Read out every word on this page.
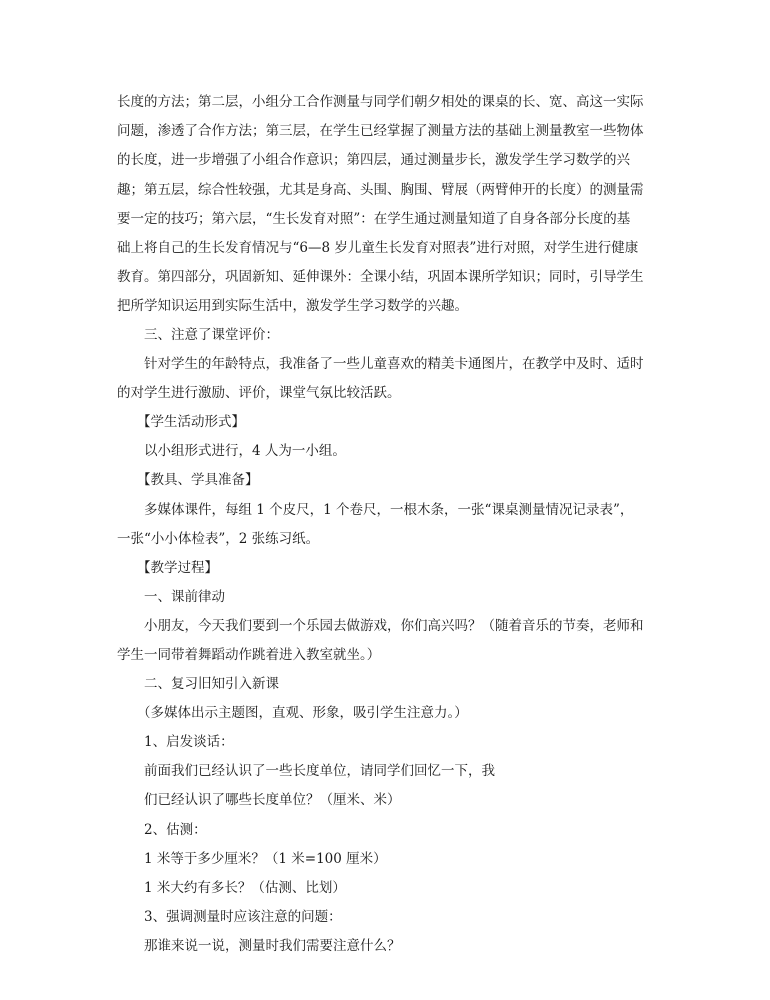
长度的方法；第二层，小组分工合作测量与同学们朝夕相处的课桌的长、宽、高这一实际
问题，渗透了合作方法；第三层，在学生已经掌握了测量方法的基础上测量教室一些物体
的长度，进一步增强了小组合作意识；第四层，通过测量步长，激发学生学习数学的兴
趣；第五层，综合性较强，尤其是身高、头围、胸围、臂展（两臂伸开的长度）的测量需
要一定的技巧；第六层，“生长发育对照”：在学生通过测量知道了自身各部分长度的基
础上将自己的生长发育情况与“6—8 岁儿童生长发育对照表”进行对照，对学生进行健康
教育。第四部分，巩固新知、延伸课外：全课小结，巩固本课所学知识；同时，引导学生
把所学知识运用到实际生活中，激发学生学习数学的兴趣。
三、注意了课堂评价：
针对学生的年龄特点，我准备了一些儿童喜欢的精美卡通图片，在教学中及时、适时
的对学生进行激励、评价，课堂气氛比较活跃。
【学生活动形式】
以小组形式进行，4 人为一小组。
【教具、学具准备】
多媒体课件，每组 1 个皮尺，1 个卷尺，一根木条，一张“课桌测量情况记录表”，
一张“小小体检表”，2 张练习纸。
【教学过程】
一、课前律动
小朋友，今天我们要到一个乐园去做游戏，你们高兴吗？（随着音乐的节奏，老师和
学生一同带着舞蹈动作跳着进入教室就坐。）
二、复习旧知引入新课
（多媒体出示主题图，直观、形象，吸引学生注意力。）
1、启发谈话：
前面我们已经认识了一些长度单位，请同学们回忆一下，我
们已经认识了哪些长度单位？（厘米、米）
2、估测：
1 米等于多少厘米？（1 米=100 厘米）
1 米大约有多长？（估测、比划）
3、强调测量时应该注意的问题：
那谁来说一说，测量时我们需要注意什么？
